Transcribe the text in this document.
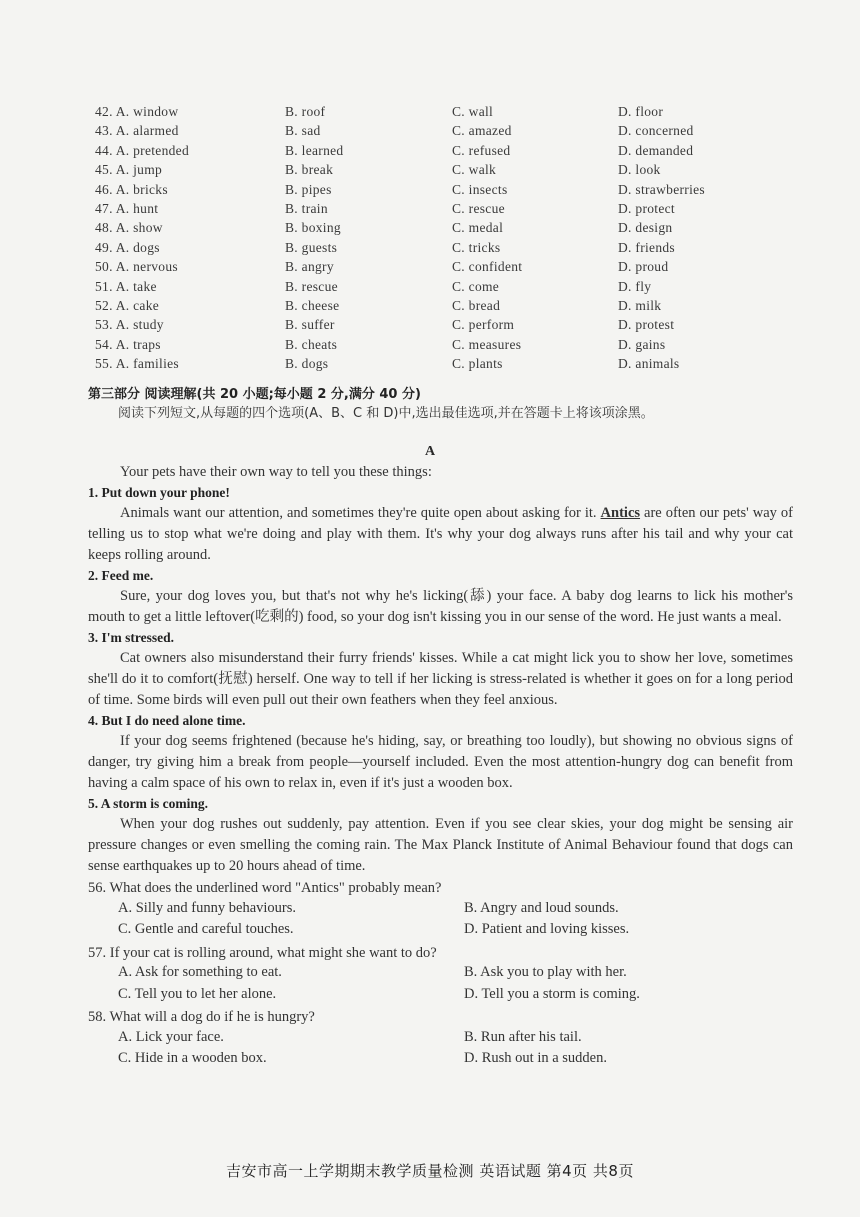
42. A. window	B. roof	C. wall	D. floor
43. A. alarmed	B. sad	C. amazed	D. concerned
44. A. pretended	B. learned	C. refused	D. demanded
45. A. jump	B. break	C. walk	D. look
46. A. bricks	B. pipes	C. insects	D. strawberries
47. A. hunt	B. train	C. rescue	D. protect
48. A. show	B. boxing	C. medal	D. design
49. A. dogs	B. guests	C. tricks	D. friends
50. A. nervous	B. angry	C. confident	D. proud
51. A. take	B. rescue	C. come	D. fly
52. A. cake	B. cheese	C. bread	D. milk
53. A. study	B. suffer	C. perform	D. protest
54. A. traps	B. cheats	C. measures	D. gains
55. A. families	B. dogs	C. plants	D. animals
第三部分 阅读理解(共 20 小题;每小题 2 分,满分 40 分)
阅读下列短文,从每题的四个选项(A、B、C 和 D)中,选出最佳选项,并在答题卡上将该项涂黑。
A

Your pets have their own way to tell you these things:

1. Put down your phone!

Animals want our attention, and sometimes they're quite open about asking for it. Antics are often our pets' way of telling us to stop what we're doing and play with them. It's why your dog always runs after his tail and why your cat keeps rolling around.

2. Feed me.

Sure, your dog loves you, but that's not why he's licking(舔) your face. A baby dog learns to lick his mother's mouth to get a little leftover(吃剩的) food, so your dog isn't kissing you in our sense of the word. He just wants a meal.

3. I'm stressed.

Cat owners also misunderstand their furry friends' kisses. While a cat might lick you to show her love, sometimes she'll do it to comfort(抚慰) herself. One way to tell if her licking is stress-related is whether it goes on for a long period of time. Some birds will even pull out their own feathers when they feel anxious.

4. But I do need alone time.

If your dog seems frightened (because he's hiding, say, or breathing too loudly), but showing no obvious signs of danger, try giving him a break from people—yourself included. Even the most attention-hungry dog can benefit from having a calm space of his own to relax in, even if it's just a wooden box.

5. A storm is coming.

When your dog rushes out suddenly, pay attention. Even if you see clear skies, your dog might be sensing air pressure changes or even smelling the coming rain. The Max Planck Institute of Animal Behaviour found that dogs can sense earthquakes up to 20 hours ahead of time.

56. What does the underlined word "Antics" probably mean?

A. Silly and funny behaviours.	B. Angry and loud sounds.
C. Gentle and careful touches.	D. Patient and loving kisses.

57. If your cat is rolling around, what might she want to do?

A. Ask for something to eat.	B. Ask you to play with her.
C. Tell you to let her alone.	D. Tell you a storm is coming.

58. What will a dog do if he is hungry?

A. Lick your face.	B. Run after his tail.
C. Hide in a wooden box.	D. Rush out in a sudden.
吉安市高一上学期期末教学质量检测 英语试题 第4页 共8页
